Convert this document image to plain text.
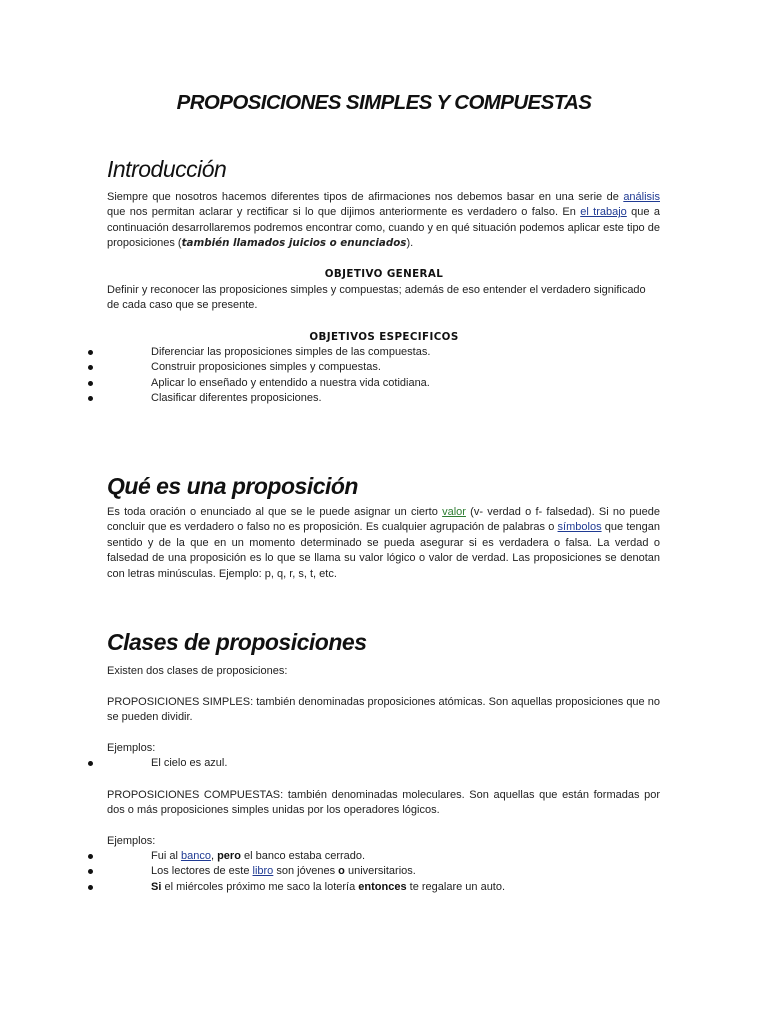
PROPOSICIONES SIMPLES Y COMPUESTAS
Introducción
Siempre que nosotros hacemos diferentes tipos de afirmaciones nos debemos basar en una serie de análisis que nos permitan aclarar y rectificar si lo que dijimos anteriormente es verdadero o falso. En el trabajo que a continuación desarrollaremos podremos encontrar como, cuando y en qué situación podemos aplicar este tipo de proposiciones (también llamados juicios o enunciados).
OBJETIVO GENERAL
Definir y reconocer las proposiciones simples y compuestas; además de eso entender el verdadero significado de cada caso que se presente.
OBJETIVOS ESPECIFICOS
Diferenciar las proposiciones simples de las compuestas.
Construir proposiciones simples y compuestas.
Aplicar lo enseñado y entendido a nuestra vida cotidiana.
Clasificar diferentes proposiciones.
Qué es una proposición
Es toda oración o enunciado al que se le puede asignar un cierto valor (v- verdad o f- falsedad). Si no puede concluir que es verdadero o falso no es proposición. Es cualquier agrupación de palabras o símbolos que tengan sentido y de la que en un momento determinado se pueda asegurar si es verdadera o falsa. La verdad o falsedad de una proposición es lo que se llama su valor lógico o valor de verdad. Las proposiciones se denotan con letras minúsculas. Ejemplo: p, q, r, s, t, etc.
Clases de proposiciones
Existen dos clases de proposiciones:
PROPOSICIONES SIMPLES: también denominadas proposiciones atómicas. Son aquellas proposiciones que no se pueden dividir.
Ejemplos:
El cielo es azul.
PROPOSICIONES COMPUESTAS: también denominadas moleculares. Son aquellas que están formadas por dos o más proposiciones simples unidas por los operadores lógicos.
Ejemplos:
Fui al banco, pero el banco estaba cerrado.
Los lectores de este libro son jóvenes o universitarios.
Si el miércoles próximo me saco la lotería entonces te regalare un auto.
